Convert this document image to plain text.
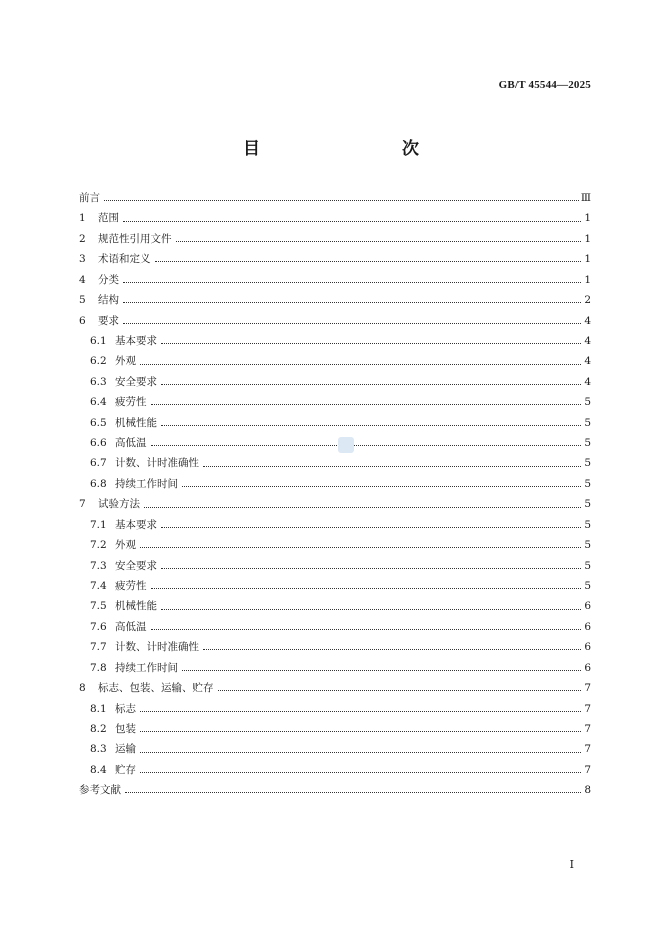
GB/T 45544—2025
目　　次
前言	Ⅲ
1	范围	1
2	规范性引用文件	1
3	术语和定义	1
4	分类	1
5	结构	2
6	要求	4
6.1 基本要求	4
6.2 外观	4
6.3 安全要求	4
6.4 疲劳性	5
6.5 机械性能	5
6.6 高低温	5
6.7 计数、计时准确性	5
6.8 持续工作时间	5
7	试验方法	5
7.1 基本要求	5
7.2 外观	5
7.3 安全要求	5
7.4 疲劳性	5
7.5 机械性能	6
7.6 高低温	6
7.7 计数、计时准确性	6
7.8 持续工作时间	6
8	标志、包装、运输、贮存	7
8.1 标志	7
8.2 包装	7
8.3 运输	7
8.4 贮存	7
参考文献	8
Ⅰ
